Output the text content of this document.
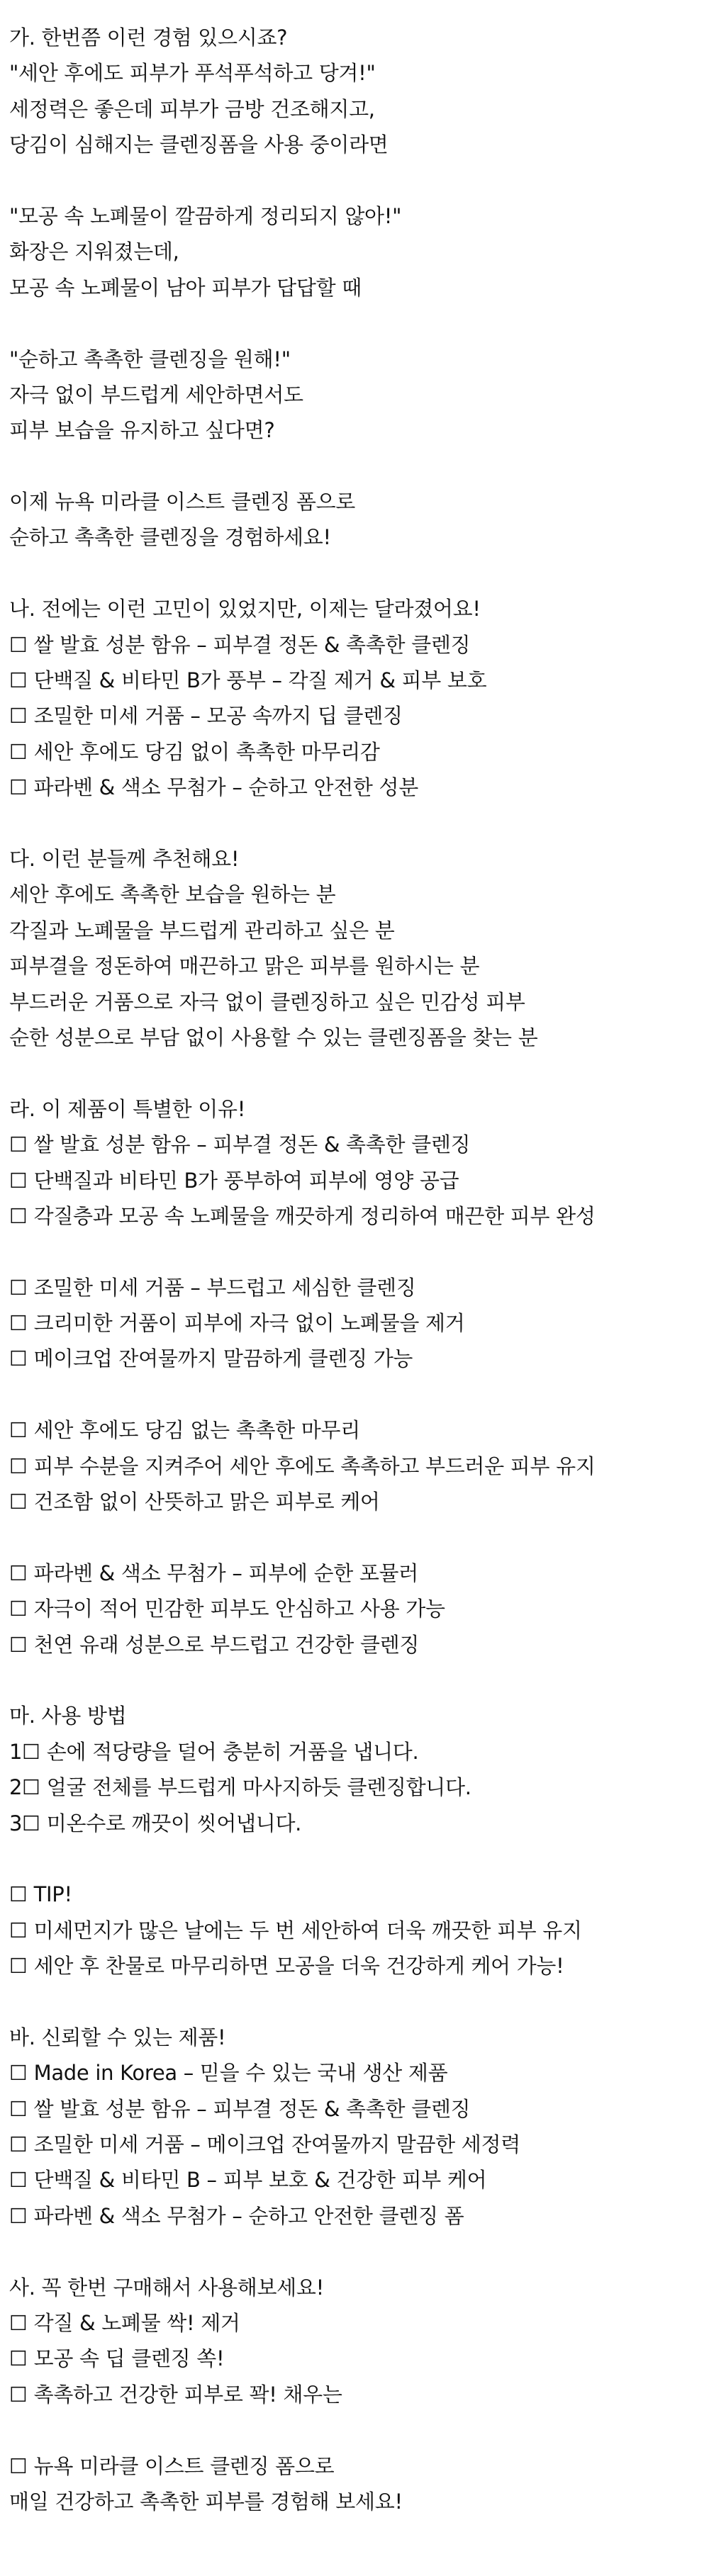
가. 한번쯤 이런 경험 있으시죠?
"세안 후에도 피부가 푸석푸석하고 당겨!"
세정력은 좋은데 피부가 금방 건조해지고,
당김이 심해지는 클렌징폼을 사용 중이라면
"모공 속 노폐물이 깔끔하게 정리되지 않아!"
화장은 지워졌는데,
모공 속 노폐물이 남아 피부가 답답할 때
"순하고 촉촉한 클렌징을 원해!"
자극 없이 부드럽게 세안하면서도
피부 보습을 유지하고 싶다면?
이제 뉴욕 미라클 이스트 클렌징 폼으로
순하고 촉촉한 클렌징을 경험하세요!
나. 전에는 이런 고민이 있었지만, 이제는 달라졌어요!
☐ 쌀 발효 성분 함유 – 피부결 정돈 & 촉촉한 클렌징
☐ 단백질 & 비타민 B가 풍부 – 각질 제거 & 피부 보호
☐ 조밀한 미세 거품 – 모공 속까지 딥 클렌징
☐ 세안 후에도 당김 없이 촉촉한 마무리감
☐ 파라벤 & 색소 무첨가 – 순하고 안전한 성분
다. 이런 분들께 추천해요!
세안 후에도 촉촉한 보습을 원하는 분
각질과 노폐물을 부드럽게 관리하고 싶은 분
피부결을 정돈하여 매끈하고 맑은 피부를 원하시는 분
부드러운 거품으로 자극 없이 클렌징하고 싶은 민감성 피부
순한 성분으로 부담 없이 사용할 수 있는 클렌징폼을 찾는 분
라. 이 제품이 특별한 이유!
☐ 쌀 발효 성분 함유 – 피부결 정돈 & 촉촉한 클렌징
☐ 단백질과 비타민 B가 풍부하여 피부에 영양 공급
☐ 각질층과 모공 속 노폐물을 깨끗하게 정리하여 매끈한 피부 완성
☐ 조밀한 미세 거품 – 부드럽고 세심한 클렌징
☐ 크리미한 거품이 피부에 자극 없이 노폐물을 제거
☐ 메이크업 잔여물까지 말끔하게 클렌징 가능
☐ 세안 후에도 당김 없는 촉촉한 마무리
☐ 피부 수분을 지켜주어 세안 후에도 촉촉하고 부드러운 피부 유지
☐ 건조함 없이 산뜻하고 맑은 피부로 케어
☐ 파라벤 & 색소 무첨가 – 피부에 순한 포뮬러
☐ 자극이 적어 민감한 피부도 안심하고 사용 가능
☐ 천연 유래 성분으로 부드럽고 건강한 클렌징
마. 사용 방법
1☐ 손에 적당량을 덜어 충분히 거품을 냅니다.
2☐ 얼굴 전체를 부드럽게 마사지하듯 클렌징합니다.
3☐ 미온수로 깨끗이 씻어냅니다.
☐ TIP!
☐ 미세먼지가 많은 날에는 두 번 세안하여 더욱 깨끗한 피부 유지
☐ 세안 후 찬물로 마무리하면 모공을 더욱 건강하게 케어 가능!
바. 신뢰할 수 있는 제품!
☐ Made in Korea – 믿을 수 있는 국내 생산 제품
☐ 쌀 발효 성분 함유 – 피부결 정돈 & 촉촉한 클렌징
☐ 조밀한 미세 거품 – 메이크업 잔여물까지 말끔한 세정력
☐ 단백질 & 비타민 B – 피부 보호 & 건강한 피부 케어
☐ 파라벤 & 색소 무첨가 – 순하고 안전한 클렌징 폼
사. 꼭 한번 구매해서 사용해보세요!
☐ 각질 & 노폐물 싹! 제거
☐ 모공 속 딥 클렌징 쏙!
☐ 촉촉하고 건강한 피부로 꽉! 채우는
☐ 뉴욕 미라클 이스트 클렌징 폼으로
매일 건강하고 촉촉한 피부를 경험해 보세요!
